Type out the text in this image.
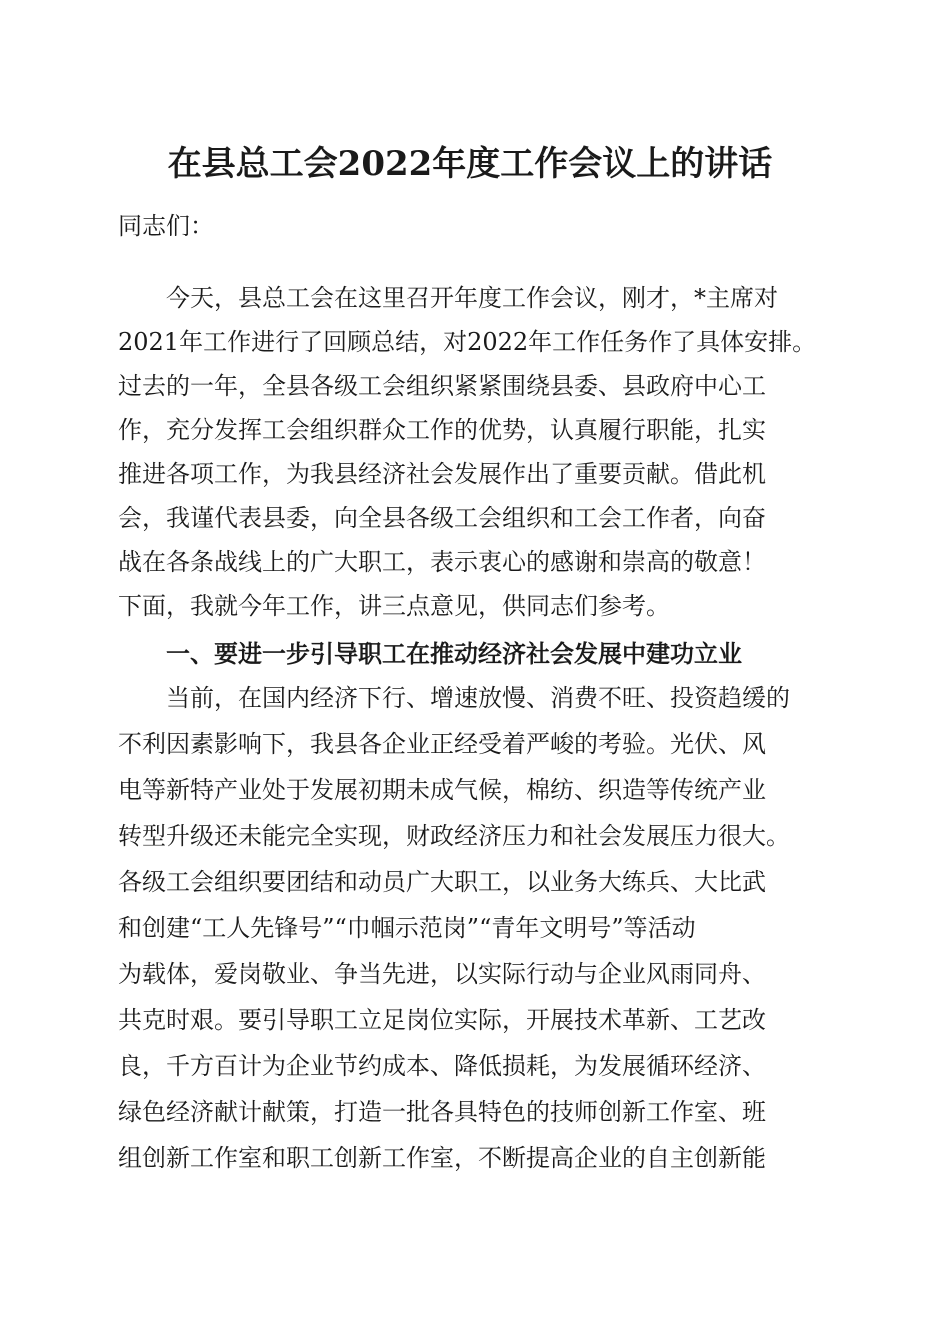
在县总工会2022年度工作会议上的讲话
同志们：
　　今天，县总工会在这里召开年度工作会议，刚才，*主席对
2021年工作进行了回顾总结，对2022年工作任务作了具体安排。
过去的一年，全县各级工会组织紧紧围绕县委、县政府中心工
作，充分发挥工会组织群众工作的优势，认真履行职能，扎实
推进各项工作，为我县经济社会发展作出了重要贡献。借此机
会，我谨代表县委，向全县各级工会组织和工会工作者，向奋
战在各条战线上的广大职工，表示衷心的感谢和崇高的敬意！
下面，我就今年工作，讲三点意见，供同志们参考。
　　一、要进一步引导职工在推动经济社会发展中建功立业
　　当前，在国内经济下行、增速放慢、消费不旺、投资趋缓的
不利因素影响下，我县各企业正经受着严峻的考验。光伏、风
电等新特产业处于发展初期未成气候，棉纺、织造等传统产业
转型升级还未能完全实现，财政经济压力和社会发展压力很大。
各级工会组织要团结和动员广大职工，以业务大练兵、大比武
和创建“工人先锋号”“巾帼示范岗”“青年文明号”等活动
为载体，爱岗敬业、争当先进，以实际行动与企业风雨同舟、
共克时艰。要引导职工立足岗位实际，开展技术革新、工艺改
良，千方百计为企业节约成本、降低损耗，为发展循环经济、
绿色经济献计献策，打造一批各具特色的技师创新工作室、班
组创新工作室和职工创新工作室，不断提高企业的自主创新能
